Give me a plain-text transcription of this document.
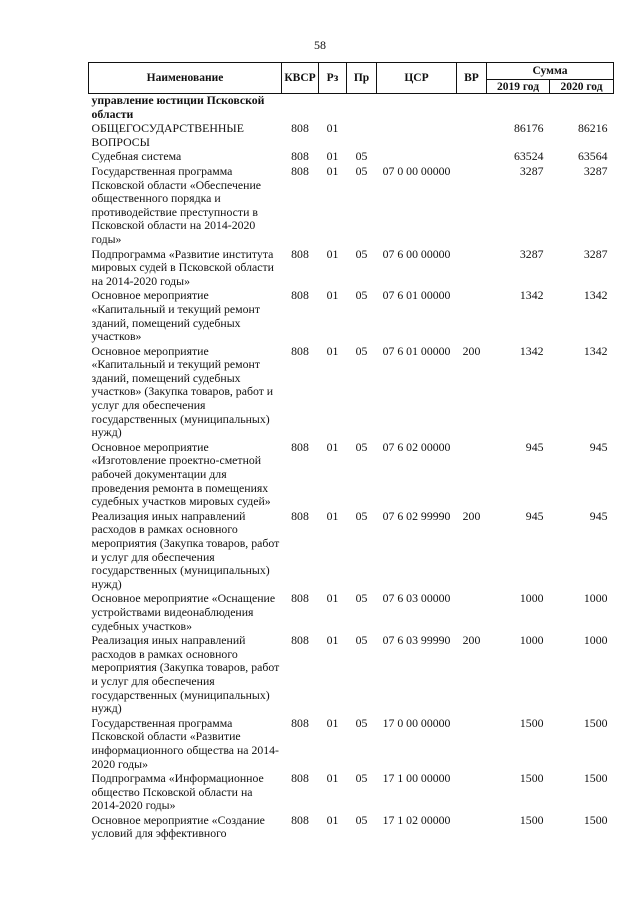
58
Наименование	КВСР	Рз	Пр	ЦСР	ВР	Сумма	
						2019 год	2020 год
управление юстиции Псковской области							
ОБЩЕГОСУДАРСТВЕННЫЕ ВОПРОСЫ	808	01				86176	86216
Судебная система	808	01	05			63524	63564
Государственная программа Псковской области «Обеспечение общественного порядка и противодействие преступности в Псковской области на 2014-2020 годы»	808	01	05	07 0 00 00000		3287	3287
Подпрограмма «Развитие института мировых судей в Псковской области на 2014-2020 годы»	808	01	05	07 6 00 00000		3287	3287
Основное мероприятие «Капитальный и текущий ремонт зданий, помещений судебных участков»	808	01	05	07 6 01 00000		1342	1342
Основное мероприятие «Капитальный и текущий ремонт зданий, помещений судебных участков» (Закупка товаров, работ и услуг для обеспечения государственных (муниципальных) нужд)	808	01	05	07 6 01 00000	200	1342	1342
Основное мероприятие «Изготовление проектно-сметной рабочей документации для проведения ремонта в помещениях судебных участков мировых судей»	808	01	05	07 6 02 00000		945	945
Реализация иных направлений расходов в рамках основного мероприятия (Закупка товаров, работ и услуг для обеспечения государственных (муниципальных) нужд)	808	01	05	07 6 02 99990	200	945	945
Основное мероприятие «Оснащение устройствами видеонаблюдения судебных участков»	808	01	05	07 6 03 00000		1000	1000
Реализация иных направлений расходов в рамках основного мероприятия (Закупка товаров, работ и услуг для обеспечения государственных (муниципальных) нужд)	808	01	05	07 6 03 99990	200	1000	1000
Государственная программа Псковской области «Развитие информационного общества на 2014-2020 годы»	808	01	05	17 0 00 00000		1500	1500
Подпрограмма «Информационное общество Псковской области на 2014-2020 годы»	808	01	05	17 1 00 00000		1500	1500
Основное мероприятие «Создание условий для эффективного	808	01	05	17 1 02 00000		1500	1500
